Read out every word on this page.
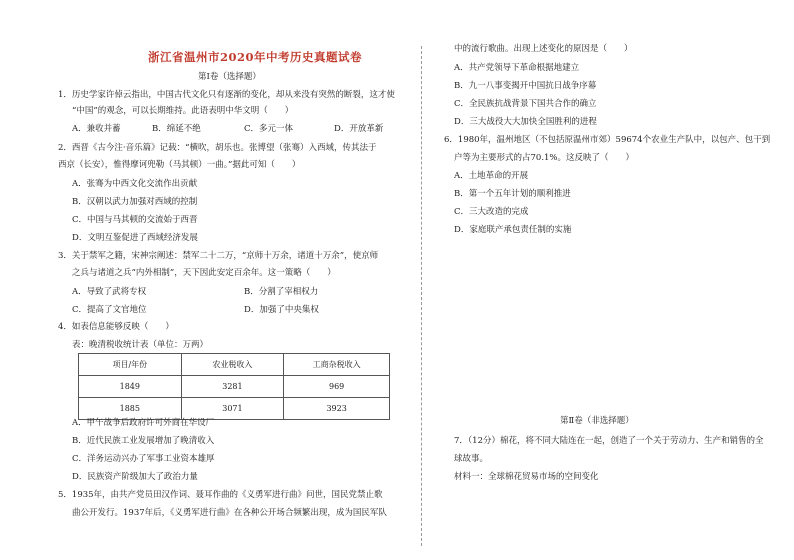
浙江省温州市2020年中考历史真题试卷
第Ⅰ卷（选择题）
1．历史学家许倬云指出，中国古代文化只有逐渐的变化，却从来没有突然的断裂，这才使
“中国”的观念，可以长期维持。此语表明中华文明（　　）
A．兼收并蓄	B．绵延不绝	C．多元一体	D．开放革新
2．西晋《古今注·音乐篇》记载：“横吹，胡乐也。张博望（张骞）入西域，传其法于
西京（长安），惟得摩诃兜勒（马其顿）一曲。”据此可知（　　）
A．张骞为中西文化交流作出贡献
B．汉朝以武力加强对西域的控制
C．中国与马其顿的交流始于西晋
D．文明互鉴促进了西域经济发展
3．关于禁军之籍，宋神宗阐述：禁军二十二万，“京师十万余，诸道十万余”，使京师
之兵与诸道之兵“内外相制”，天下因此安定百余年。这一策略（　　）
A．导致了武将专权	B．分割了宰相权力
C．提高了文官地位	D．加强了中央集权
4．如表信息能够反映（　　）
表：晚清税收统计表（单位：万两）
项目/年份	农业税收入	工商杂税收入
1849	3281	969
1885	3071	3923
A．甲午战争后政府许可外商在华设厂
B．近代民族工业发展增加了晚清收入
C．洋务运动兴办了军事工业资本雄厚
D．民族资产阶级加大了政治力量
5．1935年，由共产党员田汉作词、聂耳作曲的《义勇军进行曲》问世，国民党禁止歌
曲公开发行。1937年后，《义勇军进行曲》在各种公开场合频繁出现，成为国民军队
中的流行歌曲。出现上述变化的原因是（　　）
A．共产党领导下革命根据地建立
B．九一八事变揭开中国抗日战争序幕
C．全民族抗战背景下国共合作的确立
D．三大战役大大加快全国胜利的进程
6．1980年，温州地区（不包括原温州市郊）59674个农业生产队中，以包产、包干到
户等为主要形式的占70.1%。这反映了（　　）
A．土地革命的开展
B．第一个五年计划的顺利推进
C．三大改造的完成
D．家庭联产承包责任制的实施
第Ⅱ卷（非选择题）
7．（12分）棉花，将不同大陆连在一起，创造了一个关于劳动力、生产和销售的全
球故事。
材料一：全球棉花贸易市场的空间变化
